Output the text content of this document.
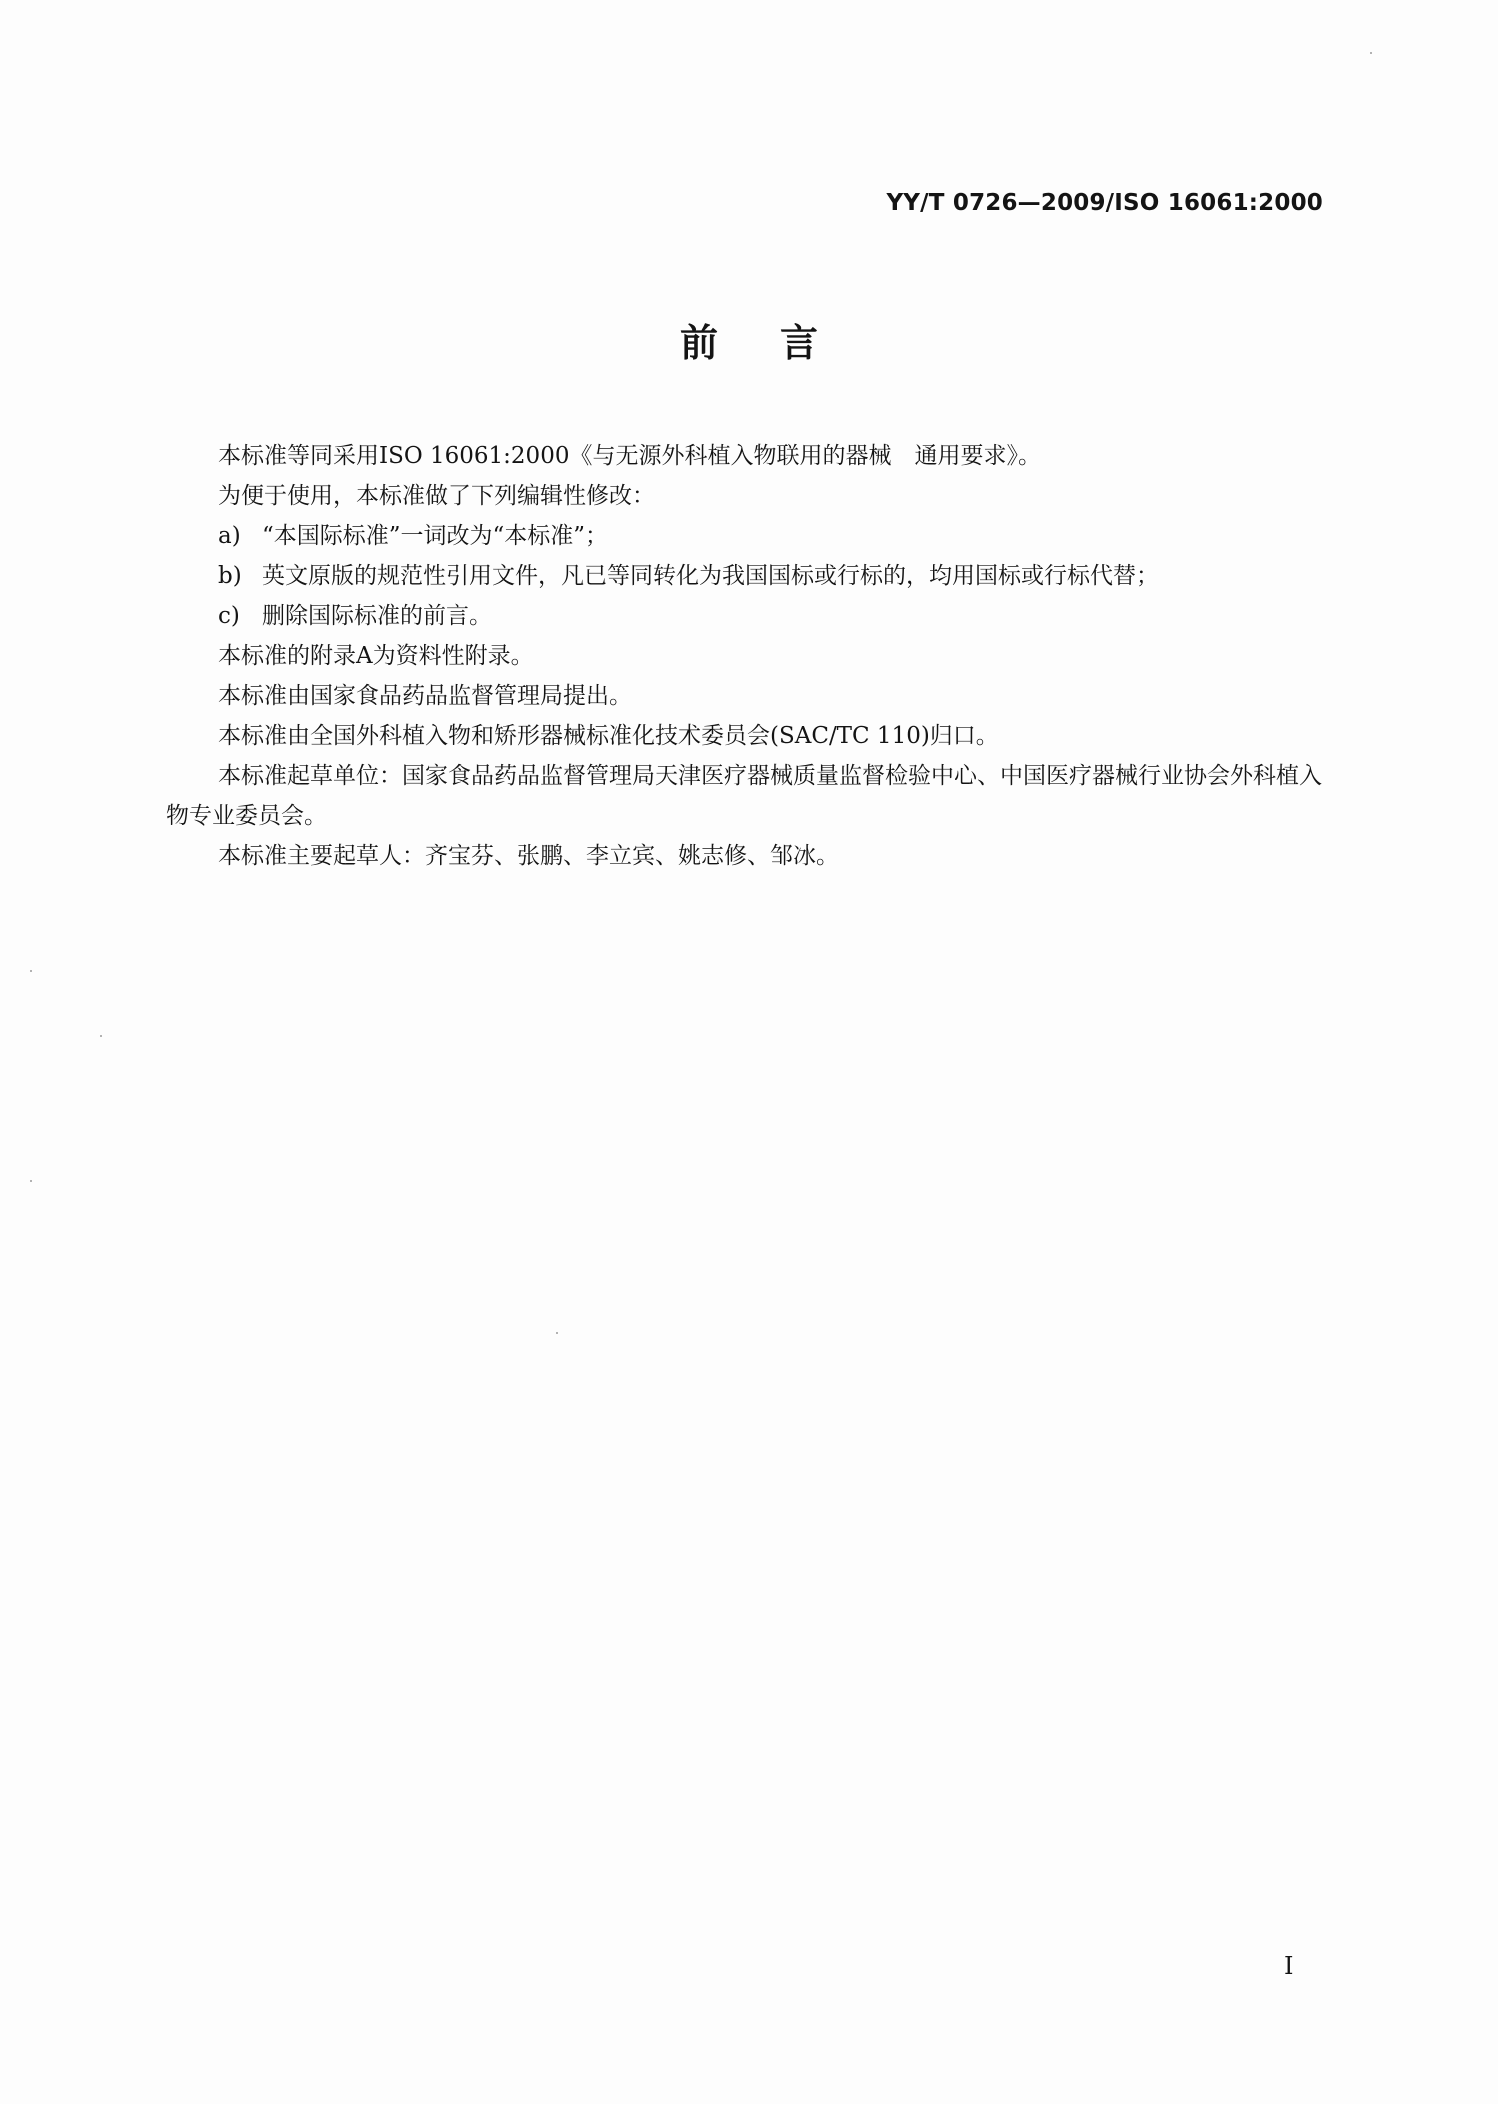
YY/T 0726—2009/ISO 16061:2000
前言

本标准等同采用ISO 16061:2000《与无源外科植入物联用的器械　通用要求》。

为便于使用，本标准做了下列编辑性修改：

a) “本国际标准”一词改为“本标准”；

b) 英文原版的规范性引用文件，凡已等同转化为我国国标或行标的，均用国标或行标代替；

c) 删除国际标准的前言。

本标准的附录A为资料性附录。

本标准由国家食品药品监督管理局提出。

本标准由全国外科植入物和矫形器械标准化技术委员会(SAC/TC 110)归口。

本标准起草单位：国家食品药品监督管理局天津医疗器械质量监督检验中心、中国医疗器械行业协会外科植入物专业委员会。

本标准主要起草人：齐宝芬、张鹏、李立宾、姚志修、邹冰。

I
